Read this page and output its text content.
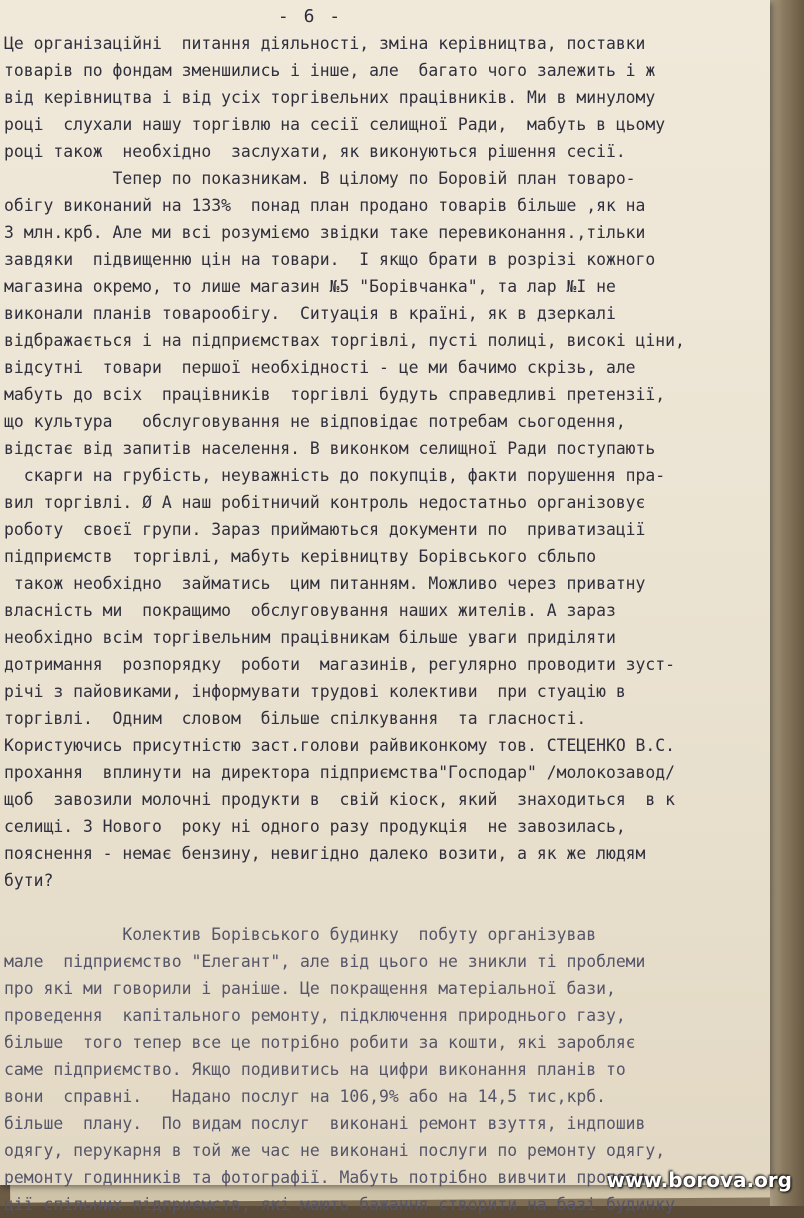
- 6 -
Це організаційні  питання діяльності, зміна керівництва, поставки
товарів по фондам зменшились і інше, але  багато чого залежить і ж
від керівництва і від усіх торгівельних працівників. Ми в минулому
році  слухали нашу торгівлю на сесії селищної Ради,  мабуть в цьому
році також  необхідно  заслухати, як виконуються рішення сесії.
Тепер по показникам. В цілому по Боровій план товаро-
обігу виконаний на 133%  понад план продано товарів більше ,як на
3 млн.крб. Але ми всі розуміємо звідки таке перевиконання.,тільки
завдяки  підвищенню цін на товари.  І якщо брати в розрізі кожного
магазина окремо, то лише магазин №5 "Борівчанка", та лар №I не
виконали планів товарообігу.  Ситуація в країні, як в дзеркалі
відбражається і на підприємствах торгівлі, пусті полиці, високі ціни,
відсутні  товари  першої необхідності - це ми бачимо скрізь, але
мабуть до всіх  працівників  торгівлі будуть справедливі претензії,
що культура   обслуговування не відповідає потребам сьогодення,
відстає від запитів населення. В виконком селищної Ради поступають
скарги на грубість, неуважність до покупців, факти порушення пра-
вил торгівлі. Ø А наш робітничий контроль недостатньо організовує
роботу  своєї групи. Зараз приймаються документи по  приватизації
підприємств  торгівлі, мабуть керівництву Борівського сбльпо
також необхідно  займатись  цим питанням. Можливо через приватну
власність ми  покращимо  обслуговування наших жителів. А зараз
необхідно всім торгівельним працівникам більше уваги приділяти
дотримання  розпорядку  роботи  магазинів, регулярно проводити зуст-
річі з пайовиками, інформувати трудові колективи  при стуацію в
торгівлі.  Одним  словом  більше спілкування  та гласності.
Користуючись присутністю заст.голови райвиконкому тов. СТЕЦЕНКО В.С.
прохання  вплинути на директора підприємства"Господар" /молокозавод/
щоб  завозили молочні продукти в  свій кіоск, який  знаходиться  в к
селищі. З Нового  року ні одного разу продукція  не завозилась,
пояснення - немає бензину, невигідно далеко возити, а як же людям
бути?
Колектив Борівського будинку  побуту організував
мале  підприємство "Елегант", але від цього не зникли ті проблеми
про які ми говорили і раніше. Це покращення матеріальної бази,
проведення  капітального ремонту, підключення природнього газу,
більше  того тепер все це потрібно робити за кошти, які заробляє
саме підприємство. Якщо подивитись на цифри виконання планів то
вони  справні.   Надано послуг на 106,9% або на 14,5 тис,крб.
більше  плану.  По видам послуг  виконані ремонт взуття, індпошив
одягу, перукарня в той же час не виконані послуги по ремонту одягу,
ремонту годинників та фотографії. Мабуть потрібно вивчити пропози-
ції спільних підприємств, які мають бажання створити на базі будинку
www.borova.org
